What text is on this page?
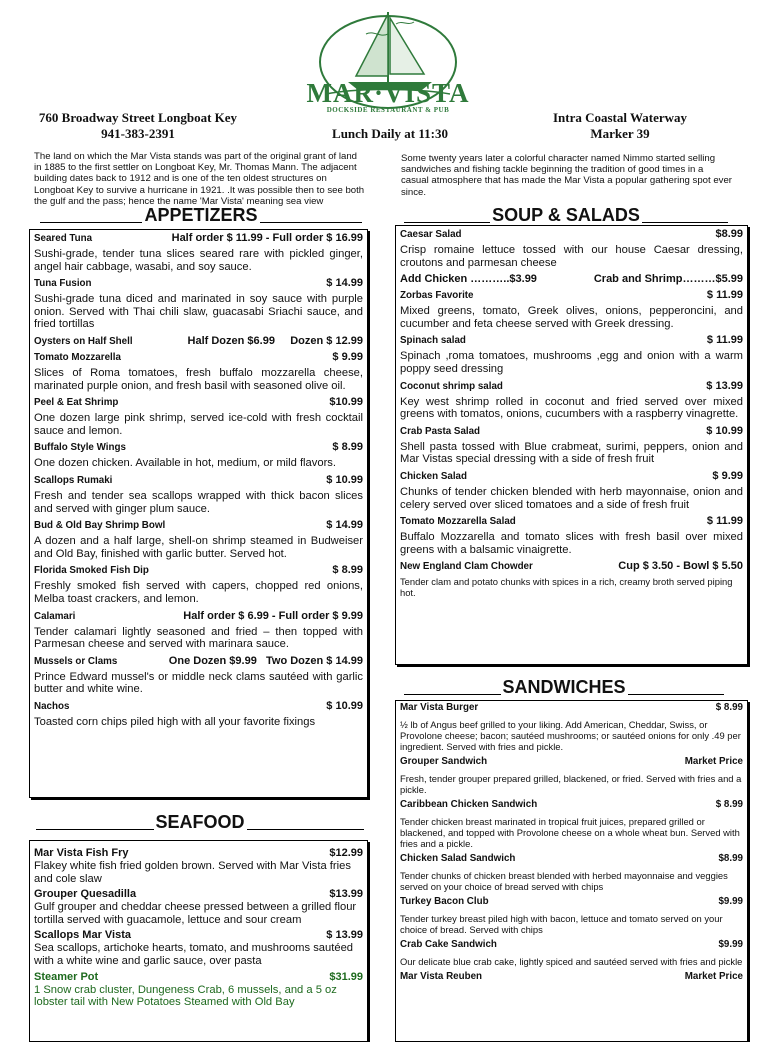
MAR·VISTA
DOCKSIDE RESTAURANT & PUB
760 Broadway Street Longboat Key
941-383-2391	Lunch Daily at 11:30
Intra Coastal Waterway
Marker 39
The land on which the Mar Vista stands was part of the original grant of land in 1885 to the first settler on Longboat Key, Mr. Thomas Mann. The adjacent building dates back to 1912 and is one of the ten oldest structures on Longboat Key to survive a hurricane in 1921. .It was possible then to see both the gulf and the pass; hence the name 'Mar Vista' meaning sea view
Some twenty years later a colorful character named Nimmo started selling sandwiches and fishing tackle beginning the tradition of good times in a casual atmosphere that has made the Mar Vista a popular gathering spot ever since.
APPETIZERS
Seared Tuna	Half order $ 11.99 - Full order $ 16.99
Sushi-grade, tender tuna slices seared rare with pickled ginger, angel hair cabbage, wasabi, and soy sauce.
Tuna Fusion	$ 14.99
Sushi-grade tuna diced and marinated in soy sauce with purple onion. Served with Thai chili slaw, guacasabi Sriachi sauce, and fried tortillas
Oysters on Half Shell	Half Dozen $6.99     Dozen $ 12.99
Tomato Mozzarella	$ 9.99
Slices of Roma tomatoes, fresh buffalo mozzarella cheese, marinated purple onion, and fresh basil with seasoned olive oil.
Peel & Eat Shrimp	$10.99
One dozen large pink shrimp, served ice-cold with fresh cocktail sauce and lemon.
Buffalo Style Wings	$ 8.99
One dozen chicken. Available in hot, medium, or mild flavors.
Scallops Rumaki	$ 10.99
Fresh and tender sea scallops wrapped with thick bacon slices and served with ginger plum sauce.
Bud & Old Bay Shrimp Bowl	$ 14.99
A dozen and a half large, shell-on shrimp steamed in Budweiser and Old Bay, finished with garlic butter. Served hot.
Florida Smoked Fish Dip	$ 8.99
Freshly smoked fish served with capers, chopped red onions, Melba toast crackers, and lemon.
Calamari	Half order $ 6.99 - Full order $ 9.99
Tender calamari lightly seasoned and fried – then topped with Parmesan cheese and served with marinara sauce.
Mussels or Clams	One Dozen $9.99   Two Dozen $ 14.99
Prince Edward mussel's or middle neck clams sautéed with garlic butter and white wine.
Nachos	$ 10.99
Toasted corn chips piled high with all your favorite fixings
SEAFOOD
Mar Vista Fish Fry	$12.99
Flakey white fish fried golden brown. Served with Mar Vista fries and cole slaw
Grouper Quesadilla	$13.99
Gulf grouper and cheddar cheese pressed between a grilled flour tortilla served with guacamole, lettuce and sour cream
Scallops Mar Vista	$ 13.99
Sea scallops, artichoke hearts, tomato, and mushrooms sautéed with a white wine and garlic sauce, over pasta
Steamer Pot	$31.99
1 Snow crab cluster, Dungeness Crab, 6 mussels, and a 5 oz lobster tail with New Potatoes Steamed with Old Bay
SOUP & SALADS
Caesar Salad	$8.99
Crisp romaine lettuce tossed with our house Caesar dressing, croutons and parmesan cheese
Add Chicken ………..$3.99	Crab and Shrimp………$5.99
Zorbas Favorite	$ 11.99
Mixed greens, tomato, Greek olives, onions, pepperoncini, and cucumber and feta cheese served with Greek dressing.
Spinach salad	$ 11.99
Spinach ,roma tomatoes, mushrooms ,egg and onion with a warm poppy seed dressing
Coconut shrimp salad	$ 13.99
Key west shrimp rolled in coconut and fried served over mixed greens with tomatos, onions, cucumbers with a raspberry vinagrette.
Crab Pasta Salad	$ 10.99
Shell pasta tossed with Blue crabmeat, surimi, peppers, onion and Mar Vistas special dressing with a side of fresh fruit
Chicken Salad	$ 9.99
Chunks of tender chicken blended with herb mayonnaise, onion and celery served over sliced tomatoes and a side of fresh fruit
Tomato Mozzarella Salad	$ 11.99
Buffalo Mozzarella and tomato slices with fresh basil over mixed greens with a balsamic vinaigrette.
New England Clam Chowder	Cup $ 3.50 - Bowl $ 5.50
Tender clam and potato chunks with spices in a rich, creamy broth served piping hot.
SANDWICHES
Mar Vista Burger	$ 8.99
½ lb of Angus beef grilled to your liking. Add American, Cheddar, Swiss, or Provolone cheese; bacon; sautéed mushrooms; or sautéed onions for only .49 per ingredient. Served with fries and pickle.
Grouper Sandwich	Market Price
Fresh, tender grouper prepared grilled, blackened, or fried. Served with fries and a pickle.
Caribbean Chicken Sandwich	$ 8.99
Tender chicken breast marinated in tropical fruit juices, prepared grilled or blackened, and topped with Provolone cheese on a whole wheat bun. Served with fries and a pickle.
Chicken Salad Sandwich	$8.99
Tender chunks of chicken breast blended with herbed mayonnaise and veggies served on your choice of bread served with chips
Turkey Bacon Club	$9.99
Tender turkey breast piled high with bacon, lettuce and tomato served on your choice of bread. Served with chips
Crab Cake Sandwich	$9.99
Our delicate blue crab cake, lightly spiced and sautéed served with fries and pickle
Mar Vista Reuben	Market Price
